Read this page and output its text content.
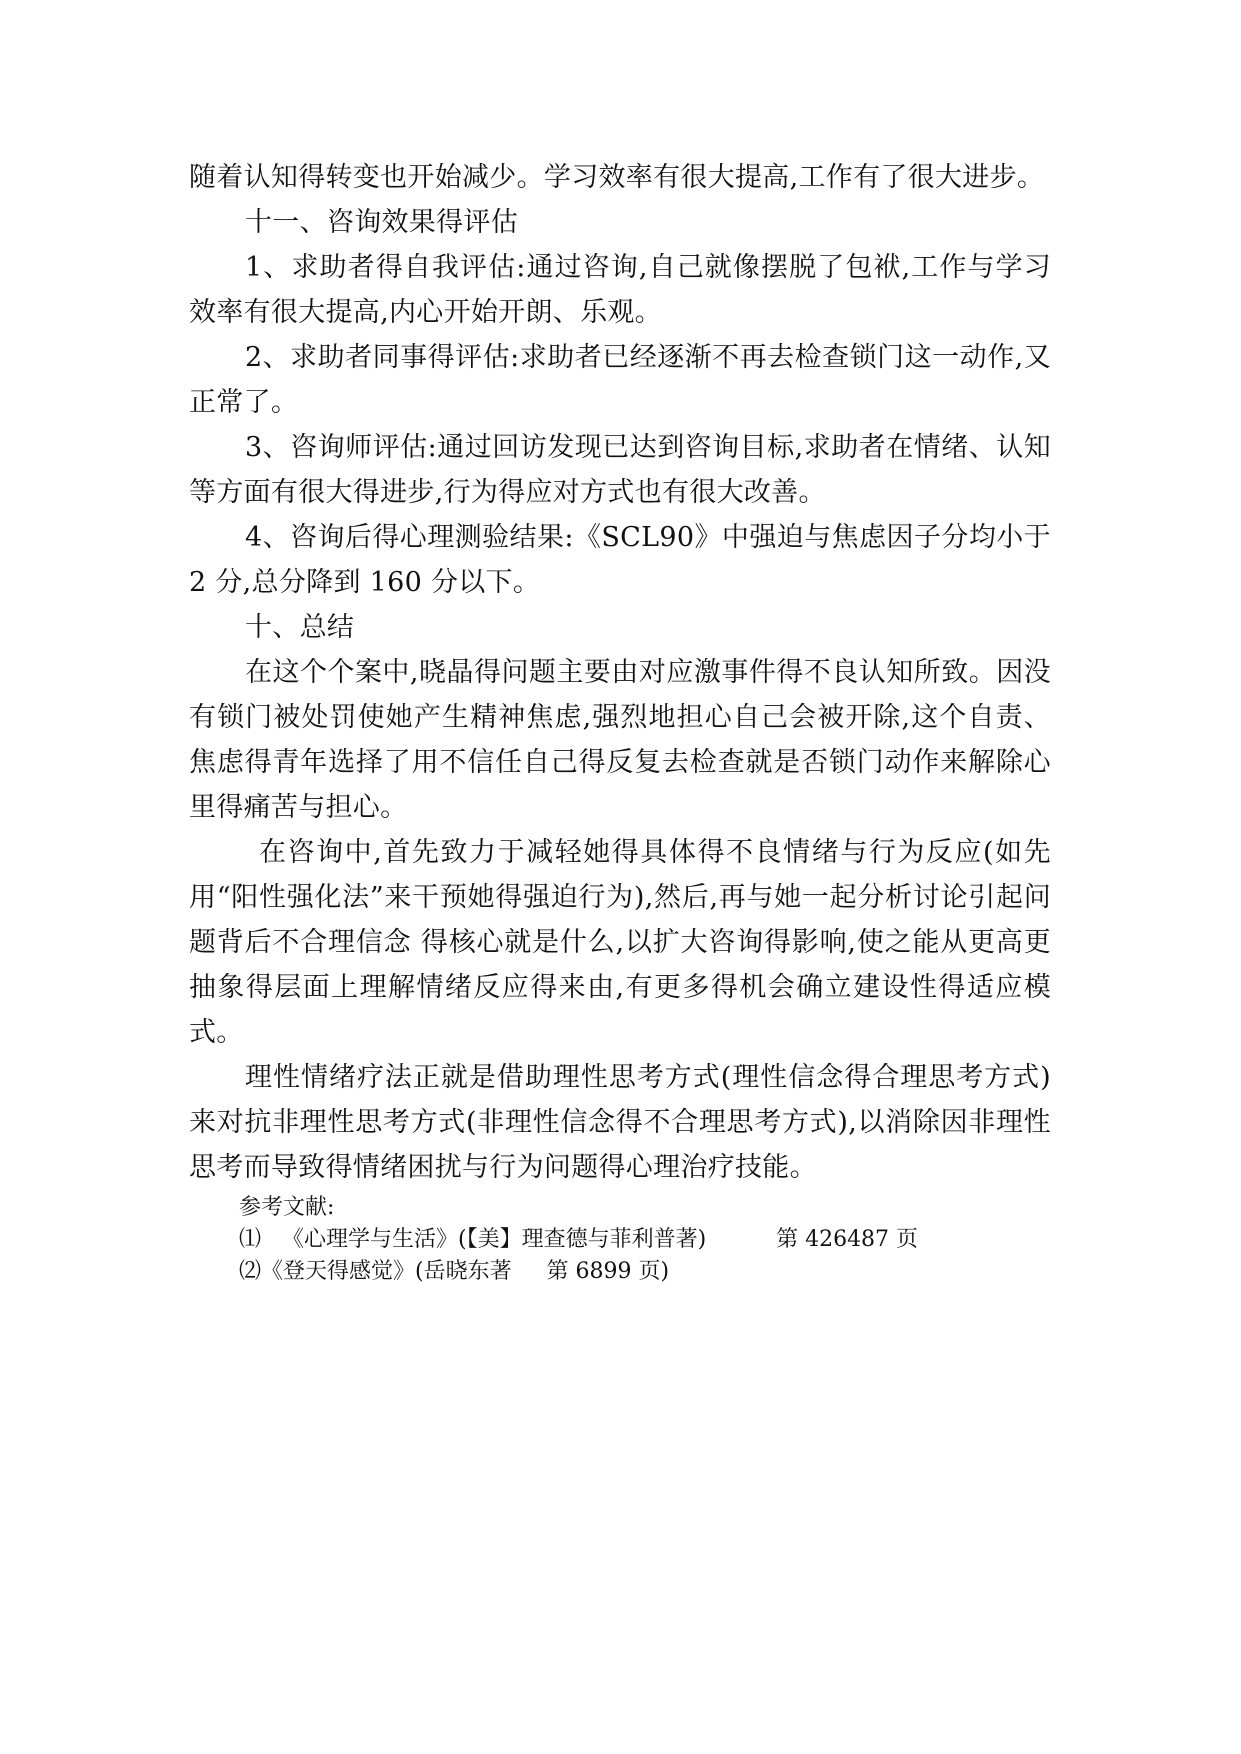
随着认知得转变也开始减少。学习效率有很大提高,工作有了很大进步。

十一、咨询效果得评估

1、求助者得自我评估:通过咨询,自己就像摆脱了包袱,工作与学习效率有很大提高,内心开始开朗、乐观。

2、求助者同事得评估:求助者已经逐渐不再去检查锁门这一动作,又正常了。

3、咨询师评估:通过回访发现已达到咨询目标,求助者在情绪、认知等方面有很大得进步,行为得应对方式也有很大改善。

4、咨询后得心理测验结果:《SCL90》中强迫与焦虑因子分均小于 2 分,总分降到 160 分以下。

十、总结

在这个个案中,晓晶得问题主要由对应激事件得不良认知所致。因没有锁门被处罚使她产生精神焦虑,强烈地担心自己会被开除,这个自责、焦虑得青年选择了用不信任自己得反复去检查就是否锁门动作来解除心里得痛苦与担心。

在咨询中,首先致力于减轻她得具体得不良情绪与行为反应(如先用“阳性强化法”来干预她得强迫行为),然后,再与她一起分析讨论引起问题背后不合理信念 得核心就是什么,以扩大咨询得影响,使之能从更高更抽象得层面上理解情绪反应得来由,有更多得机会确立建设性得适应模式。

理性情绪疗法正就是借助理性思考方式(理性信念得合理思考方式)来对抗非理性思考方式(非理性信念得不合理思考方式),以消除因非理性思考而导致得情绪困扰与行为问题得心理治疗技能。

参考文献:

⑴   《心理学与生活》(【美】理查德与菲利普著)          第 426487 页

⑵《登天得感觉》(岳晓东著     第 6899 页)
